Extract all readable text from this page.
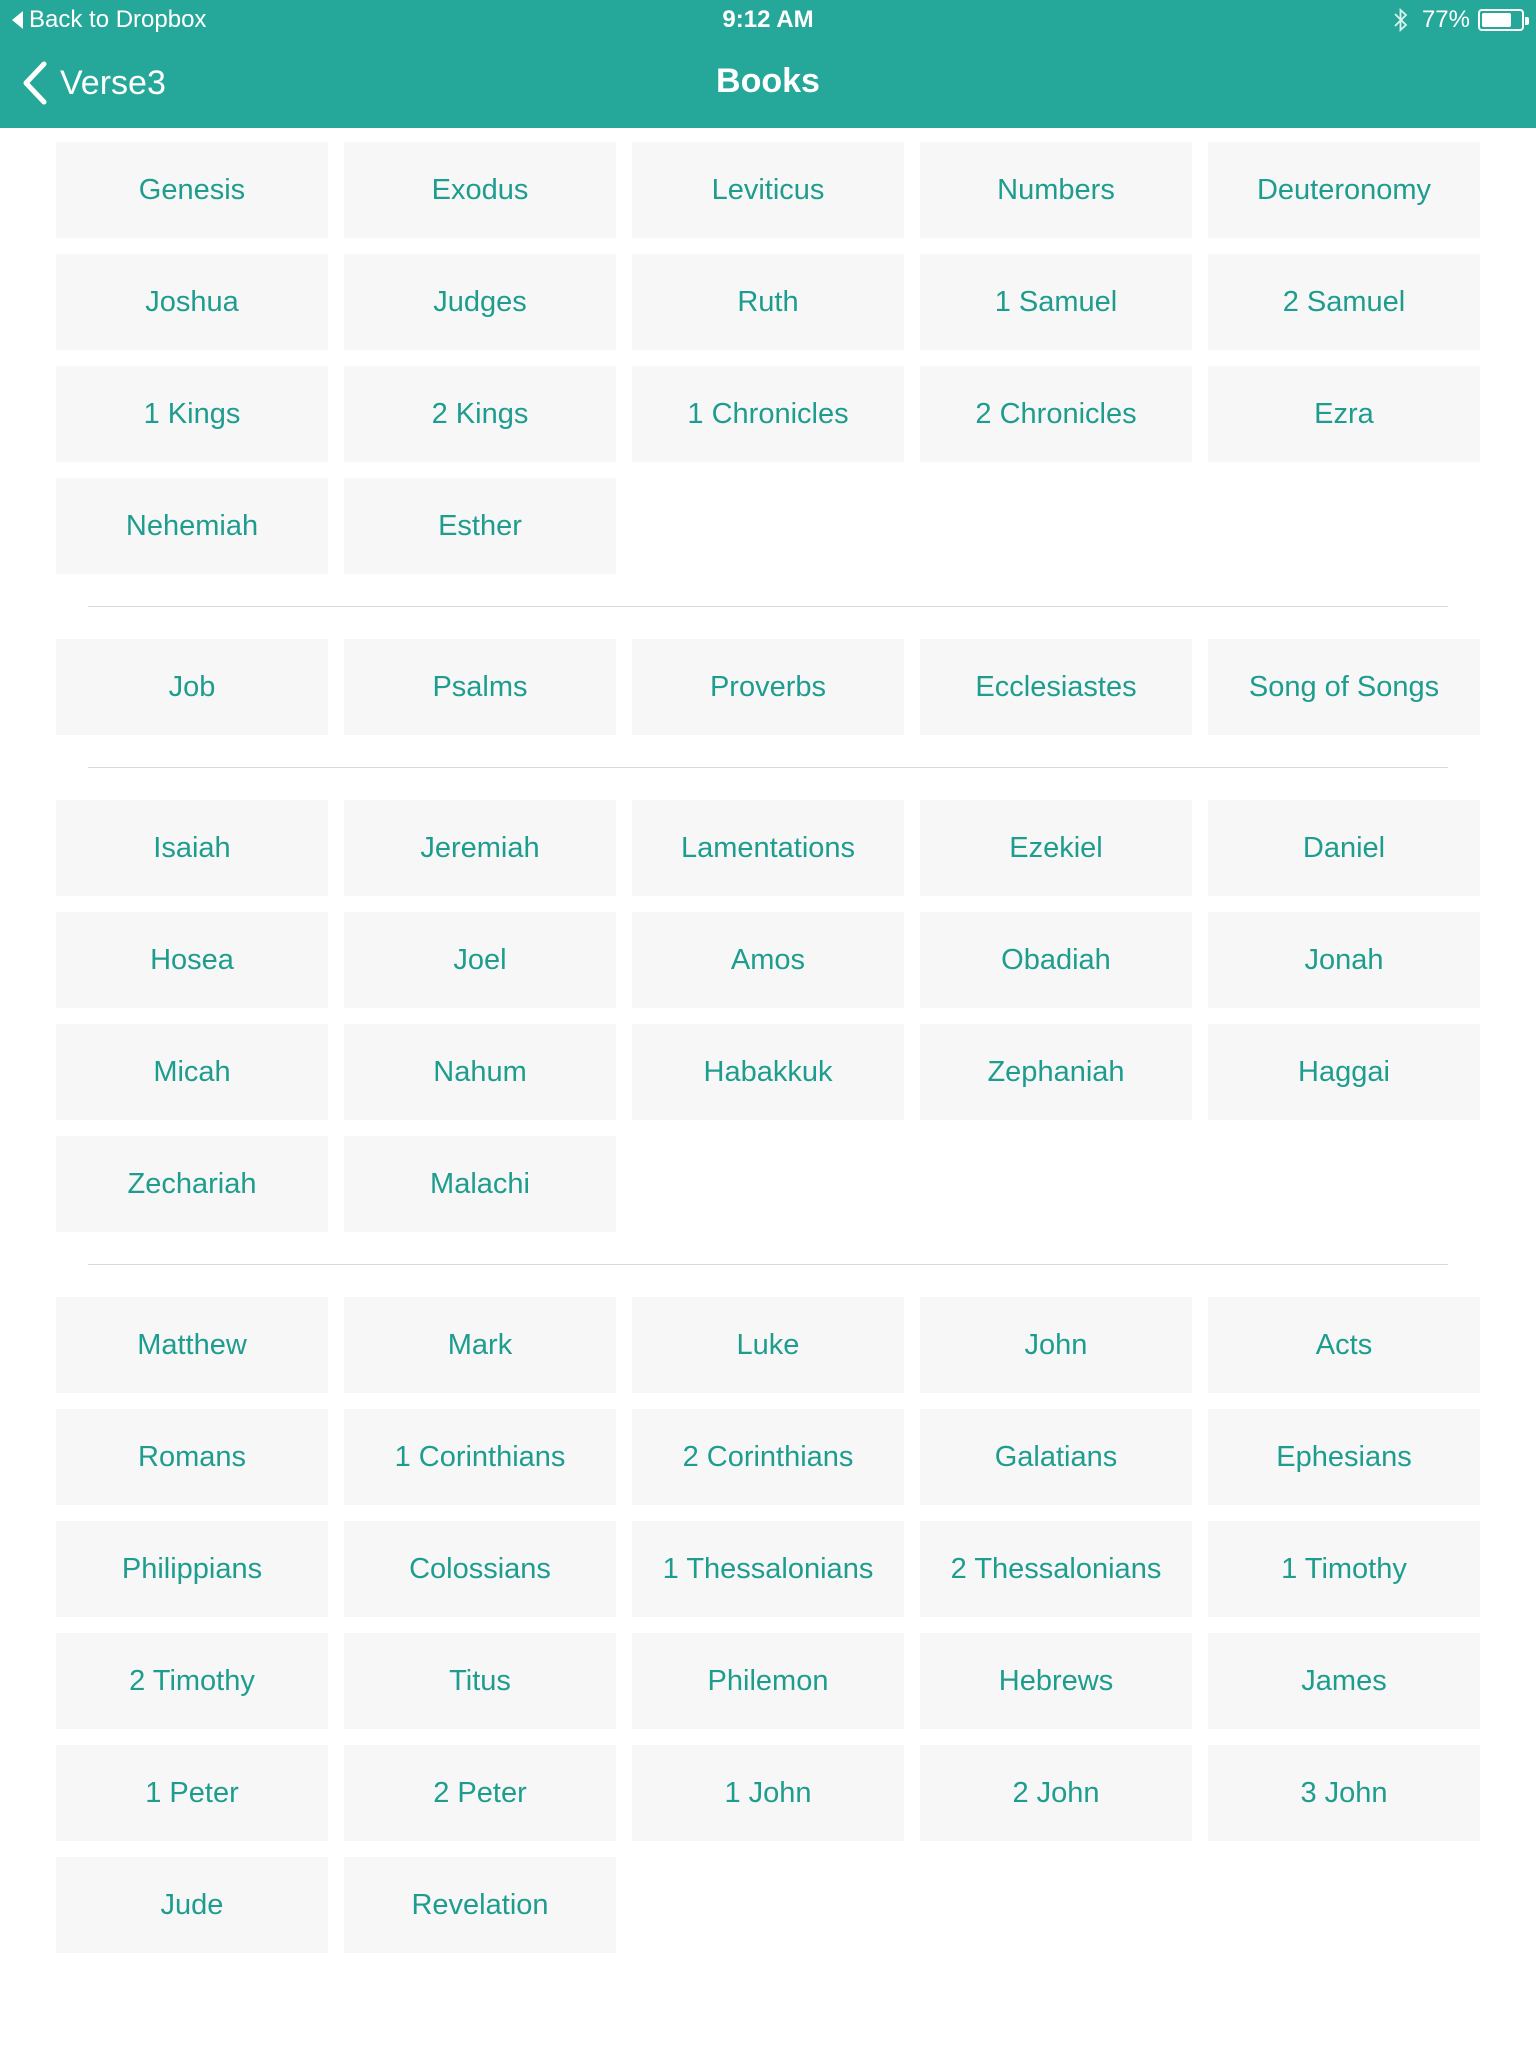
Back to Dropbox	9:12 AM	77%
Verse3	Books
Genesis	Exodus	Leviticus	Numbers	Deuteronomy
Joshua	Judges	Ruth	1 Samuel	2 Samuel
1 Kings	2 Kings	1 Chronicles	2 Chronicles	Ezra
Nehemiah	Esther
Job	Psalms	Proverbs	Ecclesiastes	Song of Songs
Isaiah	Jeremiah	Lamentations	Ezekiel	Daniel
Hosea	Joel	Amos	Obadiah	Jonah
Micah	Nahum	Habakkuk	Zephaniah	Haggai
Zechariah	Malachi
Matthew	Mark	Luke	John	Acts
Romans	1 Corinthians	2 Corinthians	Galatians	Ephesians
Philippians	Colossians	1 Thessalonians	2 Thessalonians	1 Timothy
2 Timothy	Titus	Philemon	Hebrews	James
1 Peter	2 Peter	1 John	2 John	3 John
Jude	Revelation
